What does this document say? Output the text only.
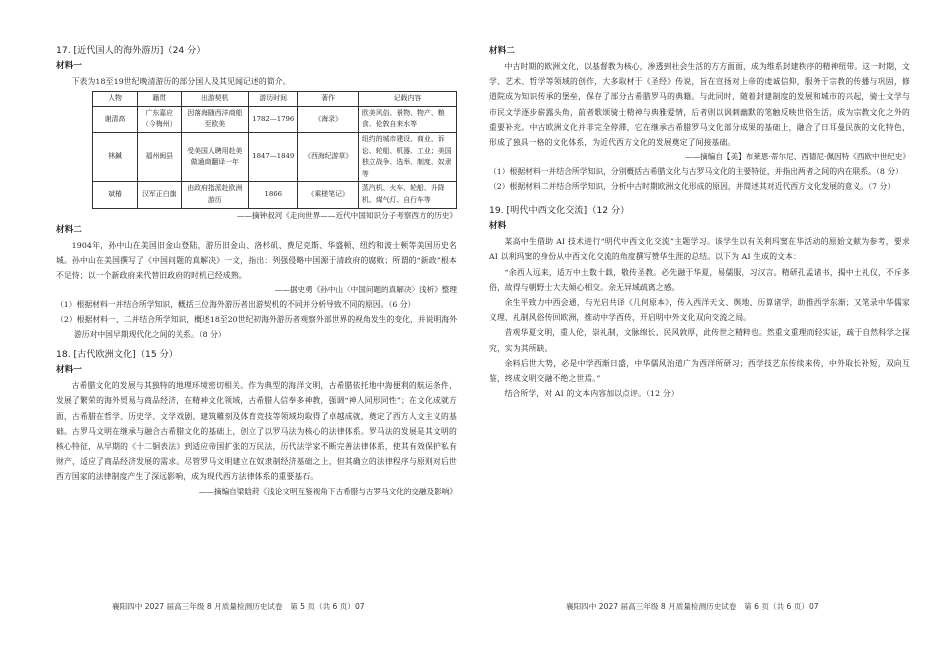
17. [近代国人的海外游历]（24 分）
材料一

下表为18至19世纪晚清游历的部分国人及其见闻记述的简介。

人物	籍贯	出游契机	游历时间	著作	记载内容
谢清高	广东嘉应（今梅州）	因落海随西洋商船至欧美	1782—1796	《海录》	欧美风俗、景物、物产、粮食、伦敦自来水等
林鍼	福州闽县	受美国人聘用赴美做通商翻译一年	1847—1849	《西海纪游草》	纽约的城市建设、商业、诉讼、轮船、机器、工业；美国独立战争、选举、制度、奴隶等
斌椿	汉军正白旗	由政府指派赴欧洲游历	1866	《乘槎笔记》	蒸汽机、火车、轮船、升降机、煤气灯、自行车等

——摘钟叔河《走向世界——近代中国知识分子考察西方的历史》

材料二

1904年，孙中山在美国旧金山登陆，游历旧金山、洛杉矶、费尼克斯、华盛顿、纽约和波士顿等美国历史名城。孙中山在美国撰写了《中国问题的真解决》一文，指出：列强侵略中国源于清政府的腐败；所谓的“新政”根本不足恃；以一个新政府来代替旧政府的时机已经成熟。

——据史勇《孙中山〈中国问题的真解决〉浅析》整理

（1）根据材料一并结合所学知识，概括三位海外游历者出游契机的不同并分析导致不同的原因。（6 分）

（2）根据材料一、二并结合所学知识，概述18至20世纪初海外游历者观察外部世界的视角发生的变化，并说明海外游历对中国早期现代化之间的关系。（8 分）

18. [古代欧洲文化]（15 分）
材料一

古希腊文化的发展与其独特的地理环境密切相关。作为典型的海洋文明，古希腊依托地中海便利的航运条件，发展了繁荣的海外贸易与商品经济，在精神文化领域，古希腊人信奉多神教，强调“神人同形同性”；在文化成就方面，古希腊在哲学、历史学、文学戏剧、建筑雕刻及体育竞技等领域均取得了卓越成就，奠定了西方人文主义的基础。古罗马文明在继承与融合古希腊文化的基础上，创立了以罗马法为核心的法律体系。罗马法的发展是其文明的核心特征，从早期的《十二铜表法》到适应帝国扩张的万民法，历代法学家不断完善法律体系，使其有效保护私有财产，适应了商品经济发展的需求。尽管罗马文明建立在奴隶制经济基础之上，但其确立的法律程序与原则对后世西方国家的法律制度产生了深远影响，成为现代西方法律体系的重要基石。

——摘编自梁晗莳《浅论文明互鉴视角下古希腊与古罗马文化的交融及影响》

材料二

中古时期的欧洲文化，以基督教为核心，渗透到社会生活的方方面面，成为维系封建秩序的精神纽带。这一时期，文学、艺术、哲学等领域的创作，大多取材于《圣经》传说，旨在宣扬对上帝的虔诚信仰，服务于宗教的传播与巩固，修道院成为知识传承的堡垒，保存了部分古希腊罗马的典籍。与此同时，随着封建制度的发展和城市的兴起，骑士文学与市民文学逐步崭露头角，前者歌颂骑士精神与典雅爱情，后者则以讽刺幽默的笔触反映世俗生活，成为宗教文化之外的重要补充。中古欧洲文化并非完全停滞，它在继承古希腊罗马文化部分成果的基础上，融合了日耳曼民族的文化特色，形成了独具一格的文化体系，为近代西方文化的发展奠定了间接基础。

——摘编自【美】布莱恩·蒂尔尼、西德尼·佩因特《西欧中世纪史》

（1）根据材料一并结合所学知识，分别概括古希腊文化与古罗马文化的主要特征，并指出两者之间的内在联系。（8 分）

（2）根据材料二并结合所学知识，分析中古时期欧洲文化形成的原因，并简述其对近代西方文化发展的意义。（7 分）

19. [明代中西文化交流]（12 分）
材料

某高中生借助 AI 技术进行“明代中西文化交流”主题学习。该学生以有关利玛窦在华活动的原始文献为参考，要求 AI 以利玛窦的身份从中西文化交流的角度撰写赞华生涯的总结。以下为 AI 生成的文本：

“余西人远来，适万中土数十载，敬传圣教。必先融于华夏，易儒服，习汉言。精研孔孟诸书，揭中土礼仪，不斥多俗，故得与朝野士大夫倾心相交。余无异域疏离之感。

余生平致力中西会通，与光启共译《几何原本》，传入西洋天文、舆地、历算诸学，助推西学东渐；又笔录中华儒家义理、礼制风俗传回欧洲，推动中学西传，开启明中外文化双向交流之局。

昔观华夏文明，重人伦，崇礼制，文脉绵长、民风敦厚，此传世之精粹也。然重文重理而轻实证，疏于自然科学之探究，实为其所缺。

余料后世大势，必是中学西渐日盛，中华儒风治道广为西洋所研习；西学技艺东传续来传，中外取长补短，双向互鉴，终成文明交融不绝之世焉。”

结合所学，对 AI 的文本内容加以点评。（12 分）

襄阳四中 2027 届高三年级 8 月质量检测历史试卷　第 5 页（共 6 页）07	襄阳四中 2027 届高三年级 8 月质量检测历史试卷　第 6 页（共 6 页）07
